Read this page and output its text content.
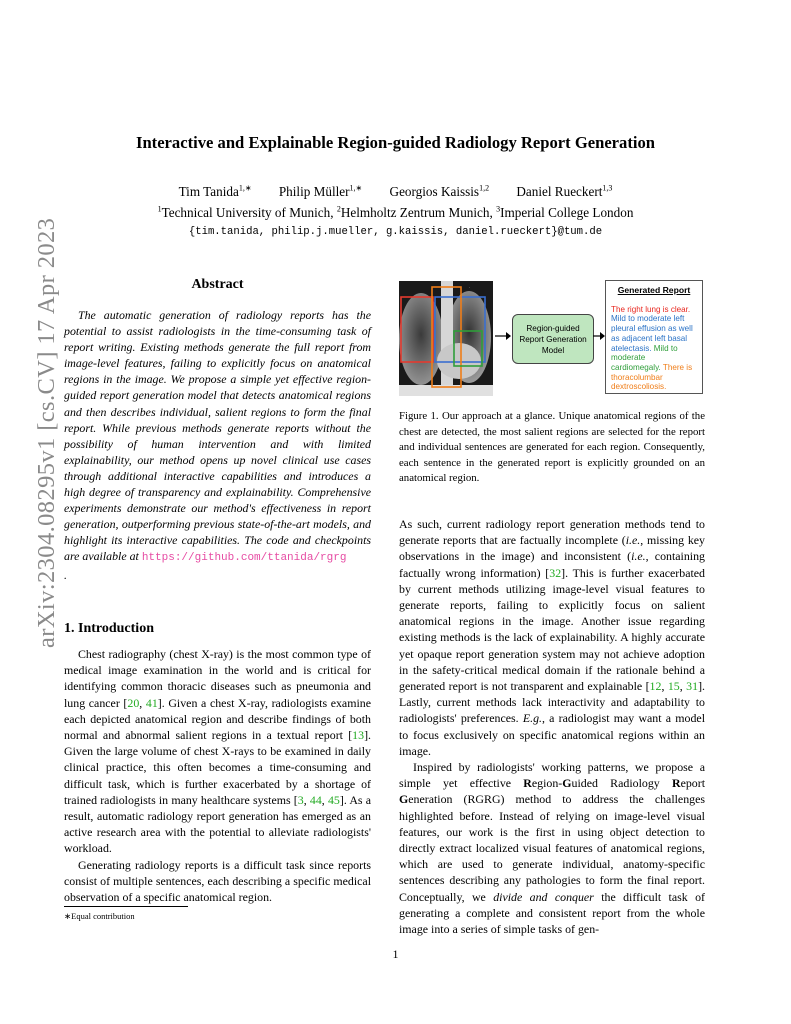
arXiv:2304.08295v1 [cs.CV] 17 Apr 2023
Interactive and Explainable Region-guided Radiology Report Generation
Tim Tanida$^{1,∗}$ Philip Müller$^{1,∗}$ Georgios Kaissis$^{1,2}$ Daniel Rueckert$^{1,3}$
$^1$Technical University of Munich, $^2$Helmholtz Zentrum Munich, $^3$Imperial College London
{tim.tanida, philip.j.mueller, g.kaissis, daniel.rueckert}@tum.de
Abstract
The automatic generation of radiology reports has the potential to assist radiologists in the time-consuming task of report writing. Existing methods generate the full report from image-level features, failing to explicitly focus on anatomical regions in the image. We propose a simple yet effective region-guided report generation model that detects anatomical regions and then describes individual, salient regions to form the final report. While previous methods generate reports without the possibility of human intervention and with limited explainability, our method opens up novel clinical use cases through additional interactive capabilities and introduces a high degree of transparency and explainability. Comprehensive experiments demonstrate our method's effectiveness in report generation, outperforming previous state-of-the-art models, and highlight its interactive capabilities. The code and checkpoints are available at https://github.com/ttanida/rgrg
.
1. Introduction

Chest radiography (chest X-ray) is the most common type of medical image examination in the world and is critical for identifying common thoracic diseases such as pneumonia and lung cancer [20, 41]. Given a chest X-ray, radiologists examine each depicted anatomical region and describe findings of both normal and abnormal salient regions in a textual report [13]. Given the large volume of chest X-rays to be examined in daily clinical practice, this often becomes a time-consuming and difficult task, which is further exacerbated by a shortage of trained radiologists in many healthcare systems [3, 44, 45]. As a result, automatic radiology report generation has emerged as an active research area with the potential to alleviate radiologists' workload.

Generating radiology reports is a difficult task since reports consist of multiple sentences, each describing a specific medical observation of a specific anatomical region.

∗Equal contribution
·
Region-guided Report Generation Model
Generated Report
The right lung is clear. Mild to moderate left pleural effusion as well as adjacent left basal atelectasis. Mild to moderate cardiomegaly. There is thoracolumbar dextroscoliosis.
Figure 1. Our approach at a glance. Unique anatomical regions of the chest are detected, the most salient regions are selected for the report and individual sentences are generated for each region. Consequently, each sentence in the generated report is explicitly grounded on an anatomical region.

As such, current radiology report generation methods tend to generate reports that are factually incomplete (i.e., missing key observations in the image) and inconsistent (i.e., containing factually wrong information) [32]. This is further exacerbated by current methods utilizing image-level visual features to generate reports, failing to explicitly focus on salient anatomical regions in the image. Another issue regarding existing methods is the lack of explainability. A highly accurate yet opaque report generation system may not achieve adoption in the safety-critical medical domain if the rationale behind a generated report is not transparent and explainable [12, 15, 31]. Lastly, current methods lack interactivity and adaptability to radiologists' preferences. E.g., a radiologist may want a model to focus exclusively on specific anatomical regions within an image.

Inspired by radiologists' working patterns, we propose a simple yet effective Region-Guided Radiology Report Generation (RGRG) method to address the challenges highlighted before. Instead of relying on image-level visual features, our work is the first in using object detection to directly extract localized visual features of anatomical regions, which are used to generate individual, anatomy-specific sentences describing any pathologies to form the final report. Conceptually, we divide and conquer the difficult task of generating a complete and consistent report from the whole image into a series of simple tasks of gen-

1
